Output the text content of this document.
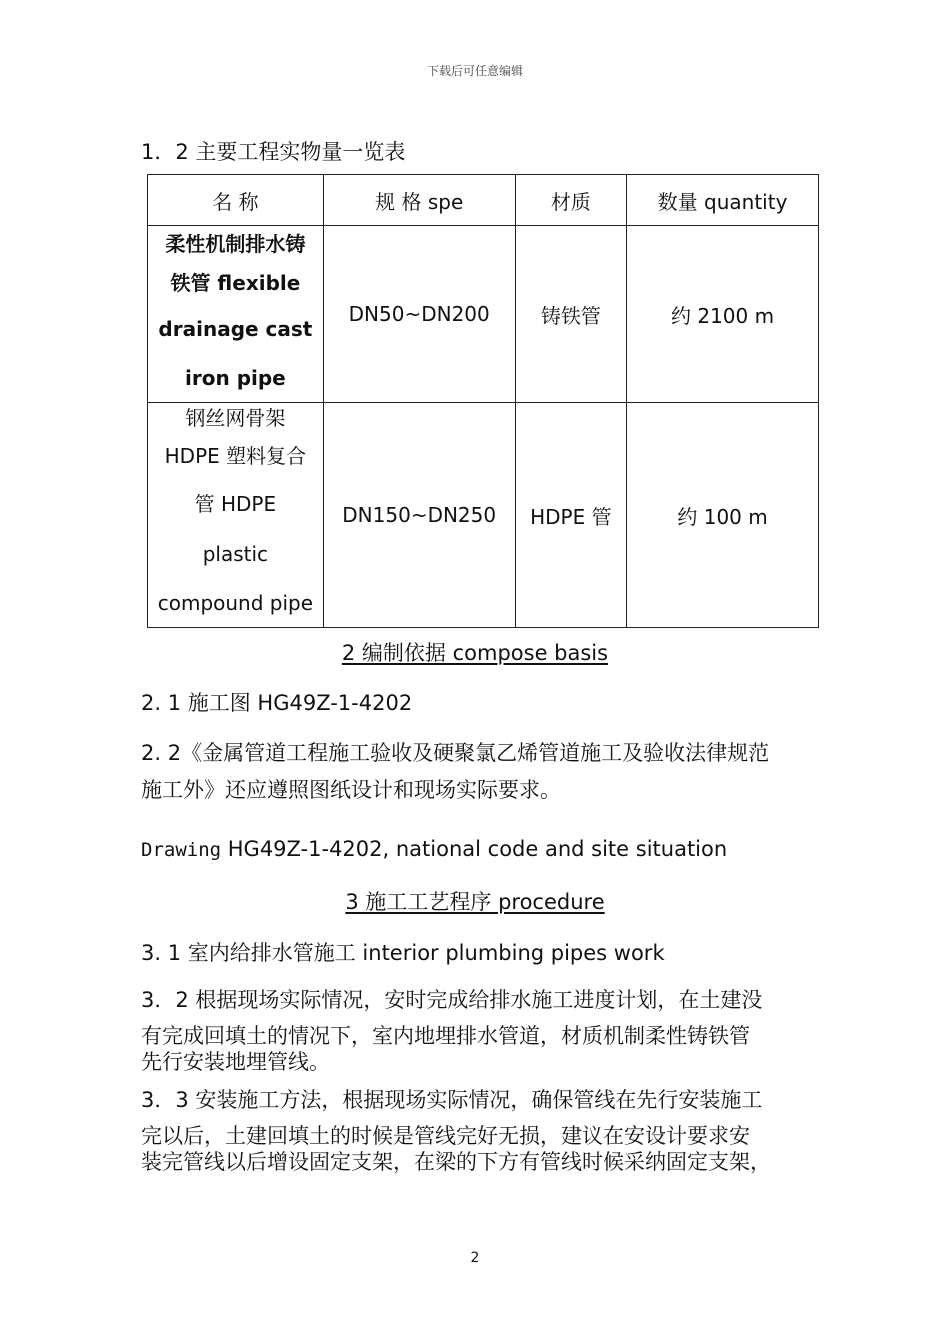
下载后可任意编辑
1．2 主要工程实物量一览表
名 称	规 格 spe	材质	数量 quantity

柔性机制排水铸
铁管 flexible
drainage cast
iron pipe	DN50~DN200	铸铁管	约 2100 m

钢丝网骨架
HDPE 塑料复合
管 HDPE
plastic
compound pipe	DN150~DN250	HDPE 管	约 100 m
2 编制依据 compose basis
2. 1 施工图 HG49Z-1-4202
2. 2《金属管道工程施工验收及硬聚氯乙烯管道施工及验收法律规范
施工外》还应遵照图纸设计和现场实际要求。
Drawing HG49Z-1-4202, national code and site situation
3 施工工艺程序 procedure
3. 1 室内给排水管施工 interior plumbing pipes work
3．2 根据现场实际情况，安时完成给排水施工进度计划，在土建没
有完成回填土的情况下，室内地埋排水管道，材质机制柔性铸铁管
先行安装地埋管线。
3．3 安装施工方法，根据现场实际情况，确保管线在先行安装施工
完以后，土建回填土的时候是管线完好无损，建议在安设计要求安
装完管线以后增设固定支架，在梁的下方有管线时候采纳固定支架，
2
